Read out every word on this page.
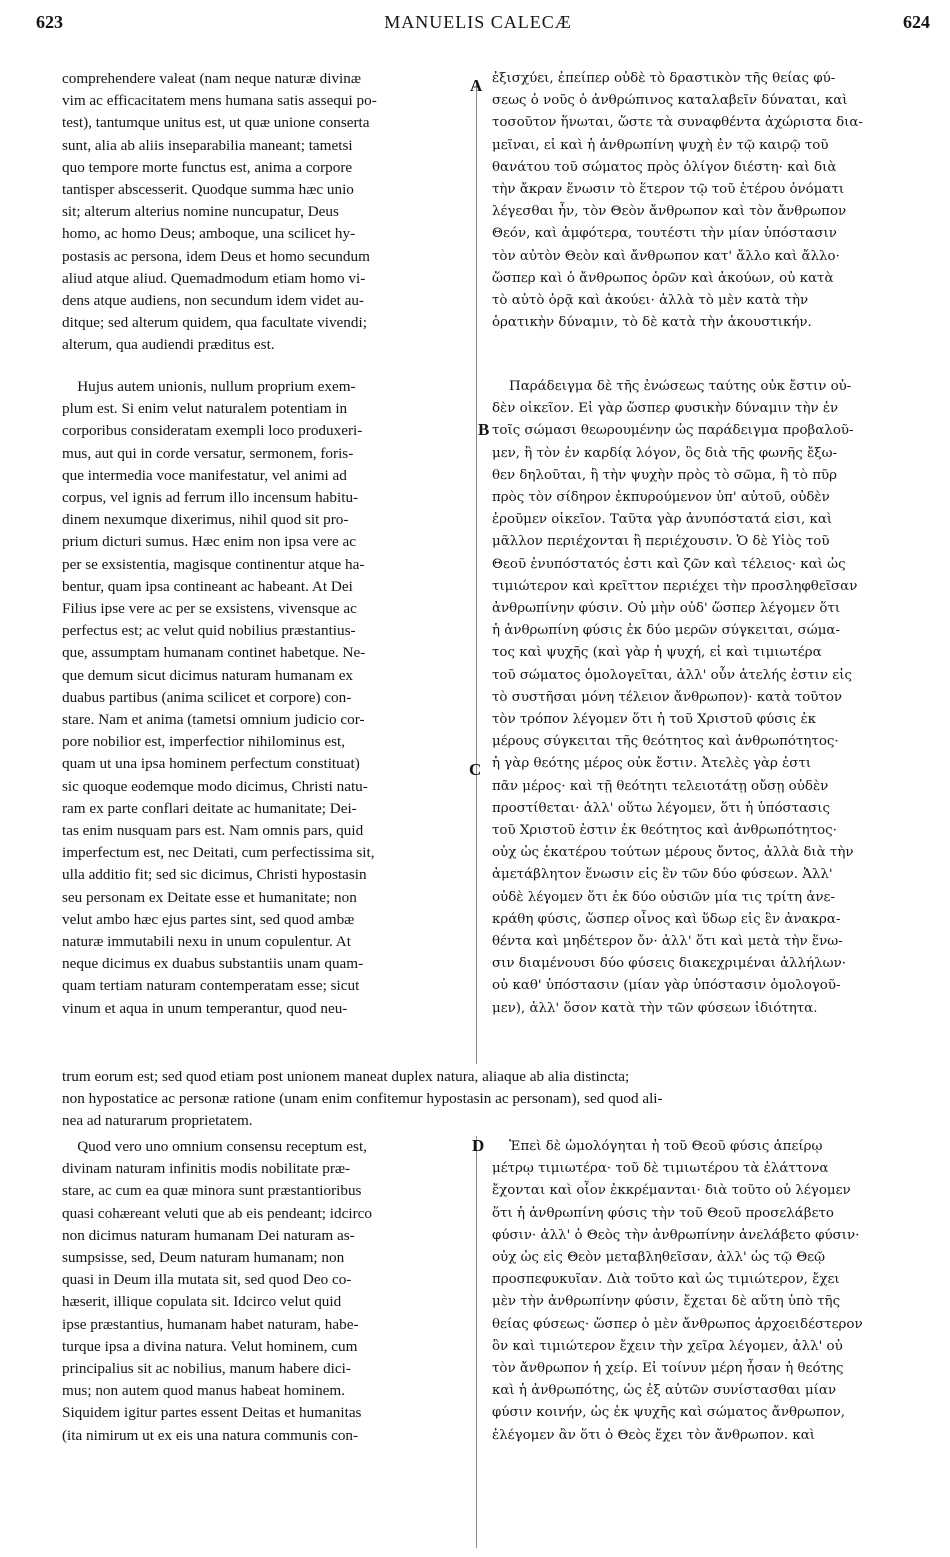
623	MANUELIS CALECÆ	624
comprehendere valeat (nam neque naturæ divinæ
vim ac efficacitatem mens humana satis assequi po-
test), tantumque unitus est, ut quæ unione conserta
sunt, alia ab aliis inseparabilia maneant; tametsi
quo tempore morte functus est, anima a corpore
tantisper abscesserit. Quodque summa hæc unio
sit; alterum alterius nomine nuncupatur, Deus
homo, ac homo Deus; amboque, una scilicet hy-
postasis ac persona, idem Deus et homo secundum
aliud atque aliud. Quemadmodum etiam homo vi-
dens atque audiens, non secundum idem videt au-
ditque; sed alterum quidem, qua facultate vivendi;
alterum, qua audiendi præditus est.
ἐξισχύει, ἐπείπερ οὐδὲ τὸ δραστικὸν τῆς θείας φύ-
σεως ὁ νοῦς ὁ ἀνθρώπινος καταλαβεῖν δύναται, καὶ
τοσοῦτον ἥνωται, ὥστε τὰ συναφθέντα ἀχώριστα δια-
μεῖναι, εἰ καὶ ἡ ἀνθρωπίνη ψυχὴ ἐν τῷ καιρῷ τοῦ
θανάτου τοῦ σώματος πρὸς ὀλίγον διέστη· καὶ διὰ
τὴν ἄκραν ἕνωσιν τὸ ἕτερον τῷ τοῦ ἑτέρου ὀνόματι
λέγεσθαι ἦν, τὸν Θεὸν ἄνθρωπον καὶ τὸν ἄνθρωπον
Θεόν, καὶ ἀμφότερα, τουτέστι τὴν μίαν ὑπόστασιν
τὸν αὐτὸν Θεὸν καὶ ἄνθρωπον κατ' ἄλλο καὶ ἄλλο·
ὥσπερ καὶ ὁ ἄνθρωπος ὁρῶν καὶ ἀκούων, οὐ κατὰ
τὸ αὐτὸ ὁρᾷ καὶ ἀκούει· ἀλλὰ τὸ μὲν κατὰ τὴν
ὁρατικὴν δύναμιν, τὸ δὲ κατὰ τὴν ἀκουστικήν.
Hujus autem unionis, nullum proprium exem-
plum est. Si enim velut naturalem potentiam in
corporibus consideratam exempli loco produxeri-
mus, aut qui in corde versatur, sermonem, foris-
que intermedia voce manifestatur, vel animi ad
corpus, vel ignis ad ferrum illo incensum habitu-
dinem nexumque dixerimus, nihil quod sit pro-
prium dicturi sumus. Hæc enim non ipsa vere ac
per se exsistentia, magisque continentur atque ha-
bentur, quam ipsa contineant ac habeant. At Dei
Filius ipse vere ac per se exsistens, vivensque ac
perfectus est; ac velut quid nobilius præstantius-
que, assumptam humanam continet habetque. Ne-
que demum sicut dicimus naturam humanam ex
duabus partibus (anima scilicet et corpore) con-
stare. Nam et anima (tametsi omnium judicio cor-
pore nobilior est, imperfectior nihilominus est,
quam ut una ipsa hominem perfectum constituat)
sic quoque eodemque modo dicimus, Christi natu-
ram ex parte conflari deitate ac humanitate; Dei-
tas enim nusquam pars est. Nam omnis pars, quid
imperfectum est, nec Deitati, cum perfectissima sit,
ulla additio fit; sed sic dicimus, Christi hypostasin
seu personam ex Deitate esse et humanitate; non
velut ambo hæc ejus partes sint, sed quod ambæ
naturæ immutabili nexu in unum copulentur. At
neque dicimus ex duabus substantiis unam quam-
quam tertiam naturam contemperatam esse; sicut
vinum et aqua in unum temperantur, quod neu-
Παράδειγμα δὲ τῆς ἑνώσεως ταύτης οὐκ ἔστιν οὐ-
δὲν οἰκεῖον. Εἰ γὰρ ὥσπερ φυσικὴν δύναμιν τὴν ἐν
τοῖς σώμασι θεωρουμένην ὡς παράδειγμα προβαλοῦ-
μεν, ἢ τὸν ἐν καρδίᾳ λόγον, ὃς διὰ τῆς φωνῆς ἔξω-
θεν δηλοῦται, ἢ τὴν ψυχὴν πρὸς τὸ σῶμα, ἢ τὸ πῦρ
πρὸς τὸν σίδηρον ἐκπυρούμενον ὑπ' αὐτοῦ, οὐδὲν
ἐροῦμεν οἰκεῖον. Ταῦτα γὰρ ἀνυπόστατά εἰσι, καὶ
μᾶλλον περιέχονται ἢ περιέχουσιν. Ὁ δὲ Υἱὸς τοῦ
Θεοῦ ἐνυπόστατός ἐστι καὶ ζῶν καὶ τέλειος· καὶ ὡς
τιμιώτερον καὶ κρεῖττον περιέχει τὴν προσληφθεῖσαν
ἀνθρωπίνην φύσιν. Οὐ μὴν οὐδ' ὥσπερ λέγομεν ὅτι
ἡ ἀνθρωπίνη φύσις ἐκ δύο μερῶν σύγκειται, σώμα-
τος καὶ ψυχῆς (καὶ γὰρ ἡ ψυχή, εἰ καὶ τιμιωτέρα
τοῦ σώματος ὁμολογεῖται, ἀλλ' οὖν ἀτελής ἐστιν εἰς
τὸ συστῆσαι μόνη τέλειον ἄνθρωπον)· κατὰ τοῦτον
τὸν τρόπον λέγομεν ὅτι ἡ τοῦ Χριστοῦ φύσις ἐκ
μέρους σύγκειται τῆς θεότητος καὶ ἀνθρωπότητος·
ἡ γὰρ θεότης μέρος οὐκ ἔστιν. Ἀτελὲς γὰρ ἐστι
πᾶν μέρος· καὶ τῇ θεότητι τελειοτάτῃ οὔσῃ οὐδὲν
προστίθεται· ἀλλ' οὕτω λέγομεν, ὅτι ἡ ὑπόστασις
τοῦ Χριστοῦ ἐστιν ἐκ θεότητος καὶ ἀνθρωπότητος·
οὐχ ὡς ἑκατέρου τούτων μέρους ὄντος, ἀλλὰ διὰ τὴν
ἀμετάβλητον ἕνωσιν εἰς ἓν τῶν δύο φύσεων. Ἀλλ'
οὐδὲ λέγομεν ὅτι ἐκ δύο οὐσιῶν μία τις τρίτη ἀνε-
κράθη φύσις, ὥσπερ οἶνος καὶ ὕδωρ εἰς ἓν ἀνακρα-
θέντα καὶ μηδέτερον ὄν· ἀλλ' ὅτι καὶ μετὰ τὴν ἕνω-
σιν διαμένουσι δύο φύσεις διακεχριμέναι ἀλλήλων·
οὐ καθ' ὑπόστασιν (μίαν γὰρ ὑπόστασιν ὁμολογοῦ-
μεν), ἀλλ' ὅσον κατὰ τὴν τῶν φύσεων ἰδιότητα.
trum eorum est; sed quod etiam post unionem maneat duplex natura, aliaque ab alia distincta;
non hypostatice ac personæ ratione (unam enim confitemur hypostasin ac personam), sed quod ali-
nea ad naturarum proprietatem.
Quod vero uno omnium consensu receptum est,
divinam naturam infinitis modis nobilitate præ-
stare, ac cum ea quæ minora sunt præstantioribus
quasi cohæreant veluti que ab eis pendeant; idcirco
non dicimus naturam humanam Dei naturam as-
sumpsisse, sed, Deum naturam humanam; non
quasi in Deum illa mutata sit, sed quod Deo co-
hæserit, illique copulata sit. Idcirco velut quid
ipse præstantius, humanam habet naturam, habe-
turque ipsa a divina natura. Velut hominem, cum
principalius sit ac nobilius, manum habere dici-
mus; non autem quod manus habeat hominem.
Siquidem igitur partes essent Deitas et humanitas
(ita nimirum ut ex eis una natura communis con-
Ἐπεὶ δὲ ὡμολόγηται ἡ τοῦ Θεοῦ φύσις ἀπείρῳ
μέτρῳ τιμιωτέρα· τοῦ δὲ τιμιωτέρου τὰ ἐλάττονα
ἔχονται καὶ οἷον ἐκκρέμανται· διὰ τοῦτο οὐ λέγομεν
ὅτι ἡ ἀνθρωπίνη φύσις τὴν τοῦ Θεοῦ προσελάβετο
φύσιν· ἀλλ' ὁ Θεὸς τὴν ἀνθρωπίνην ἀνελάβετο φύσιν·
οὐχ ὡς εἰς Θεὸν μεταβληθεῖσαν, ἀλλ' ὡς τῷ Θεῷ
προσπεφυκυῖαν. Διὰ τοῦτο καὶ ὡς τιμιώτερον, ἔχει
μὲν τὴν ἀνθρωπίνην φύσιν, ἔχεται δὲ αὕτη ὑπὸ τῆς
θείας φύσεως· ὥσπερ ὁ μὲν ἄνθρωπος ἀρχοειδέστερον
ὂν καὶ τιμιώτερον ἔχειν τὴν χεῖρα λέγομεν, ἀλλ' οὐ
τὸν ἄνθρωπον ἡ χείρ. Εἰ τοίνυν μέρη ἦσαν ἡ θεότης
καὶ ἡ ἀνθρωπότης, ὡς ἐξ αὐτῶν συνίστασθαι μίαν
φύσιν κοινήν, ὡς ἐκ ψυχῆς καὶ σώματος ἄνθρωπον,
ἐλέγομεν ἂν ὅτι ὁ Θεὸς ἔχει τὸν ἄνθρωπον. καὶ
A
B
C
D
